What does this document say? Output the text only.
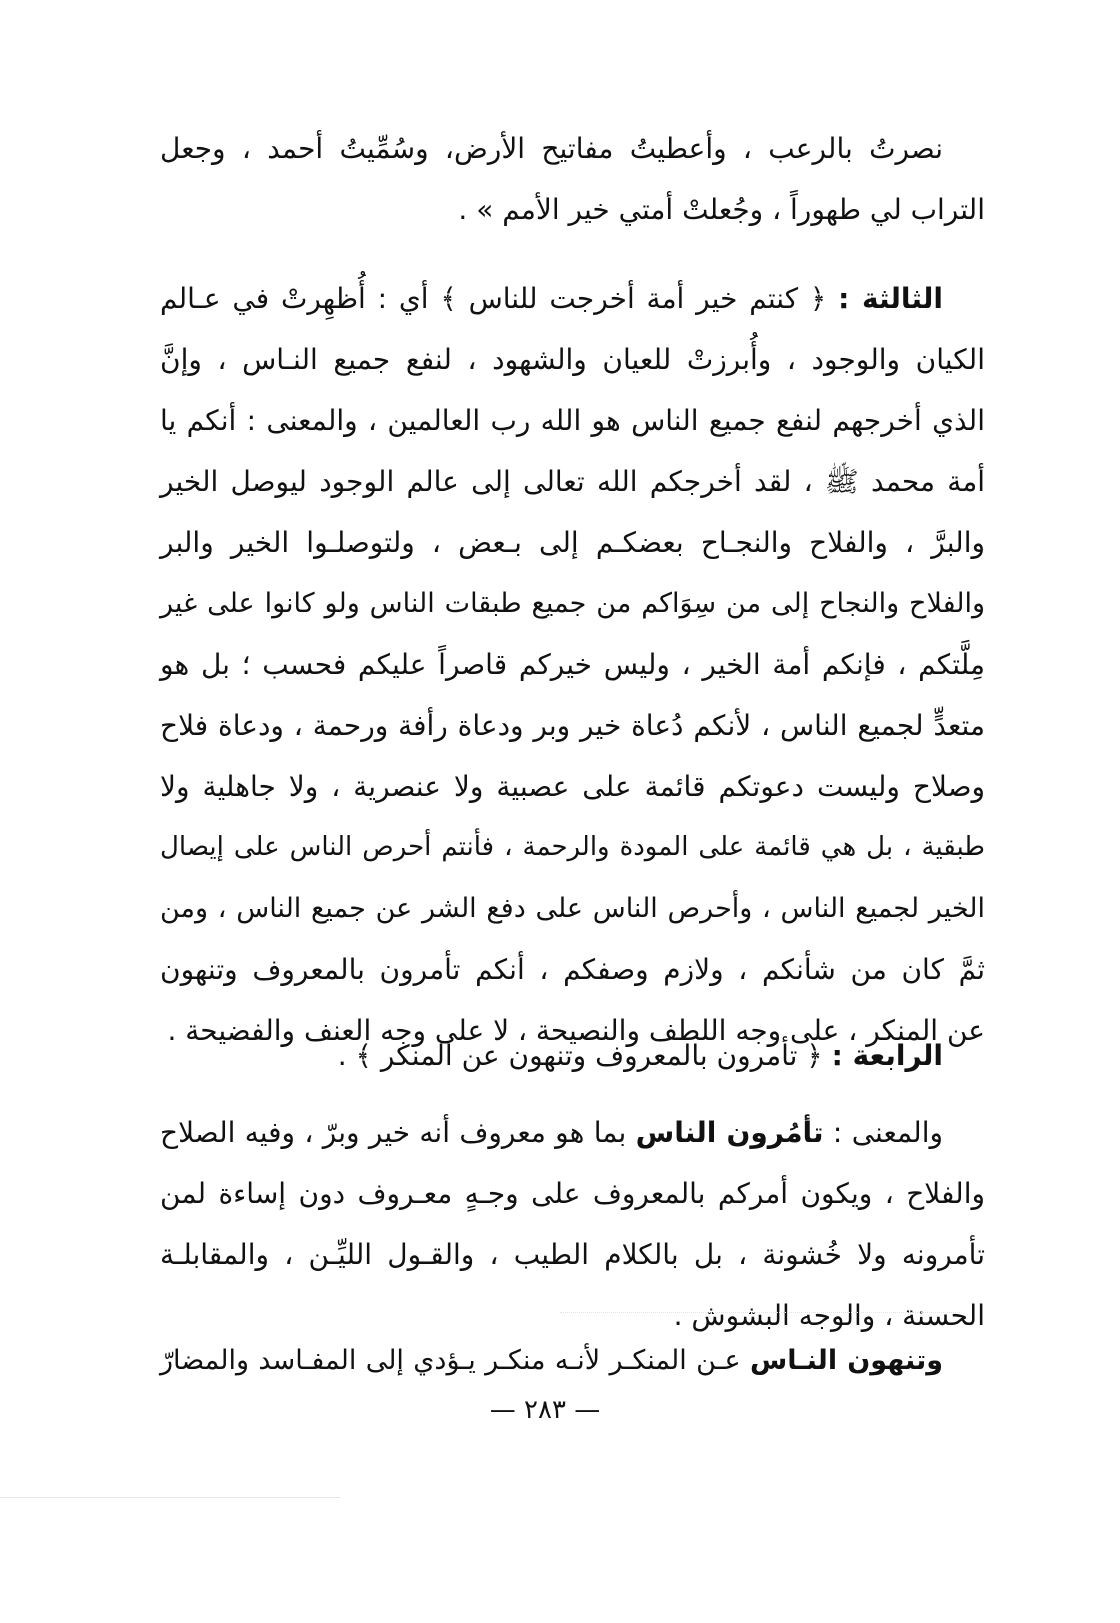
نصرتُ بالرعب ، وأعطيتُ مفاتيح الأرض، وسُمِّيتُ أحمد ، وجعل
التراب لي طهوراً ، وجُعلتْ أمتي خير الأمم » .
الثالثة : ﴿ كنتم خير أمة أخرجت للناس ﴾ أي : أُظهِرتْ في عـالم
الكيان والوجود ، وأُبرزتْ للعيان والشهود ، لنفع جميع النـاس ، وإنَّ
الذي أخرجهم لنفع جميع الناس هو الله رب العالمين ، والمعنى : أنكم يا
أمة محمد ﷺ ، لقد أخرجكم الله تعالى إلى عالم الوجود ليوصل الخير
والبرَّ ، والفلاح والنجـاح بعضكـم إلى بـعض ، ولتوصلـوا الخير والبر
والفلاح والنجاح إلى من سِوَاكم من جميع طبقات الناس ولو كانوا على غير
مِلَّتكم ، فإنكم أمة الخير ، وليس خيركم قاصراً عليكم فحسب ؛ بل هو
متعدٍّ لجميع الناس ، لأنكم دُعاة خير وبر ودعاة رأفة ورحمة ، ودعاة فلاح
وصلاح وليست دعوتكم قائمة على عصبية ولا عنصرية ، ولا جاهلية ولا
طبقية ، بل هي قائمة على المودة والرحمة ، فأنتم أحرص الناس على إيصال
الخير لجميع الناس ، وأحرص الناس على دفع الشر عن جميع الناس ، ومن
ثمَّ كان من شأنكم ، ولازم وصفكم ، أنكم تأمرون بالمعروف وتنهون
عن المنكر ، على وجه اللطف والنصيحة ، لا على وجه العنف والفضيحة .
الرابعة : ﴿ تأمرون بالمعروف وتنهون عن المنكر ﴾ .
والمعنى : تأمُرون الناس بما هو معروف أنه خير وبرّ ، وفيه الصلاح
والفلاح ، ويكون أمركم بالمعروف على وجـهٍ معـروف دون إساءة لمن
تأمرونه ولا خُشونة ، بل بالكلام الطيب ، والقـول الليِّـن ، والمقابلـة
الحسنة ، والوجه البشوش .
وتنهون النـاس عـن المنكـر لأنـه منكـر يـؤدي إلى المفـاسد والمضارّ
— ٢٨٣ —
